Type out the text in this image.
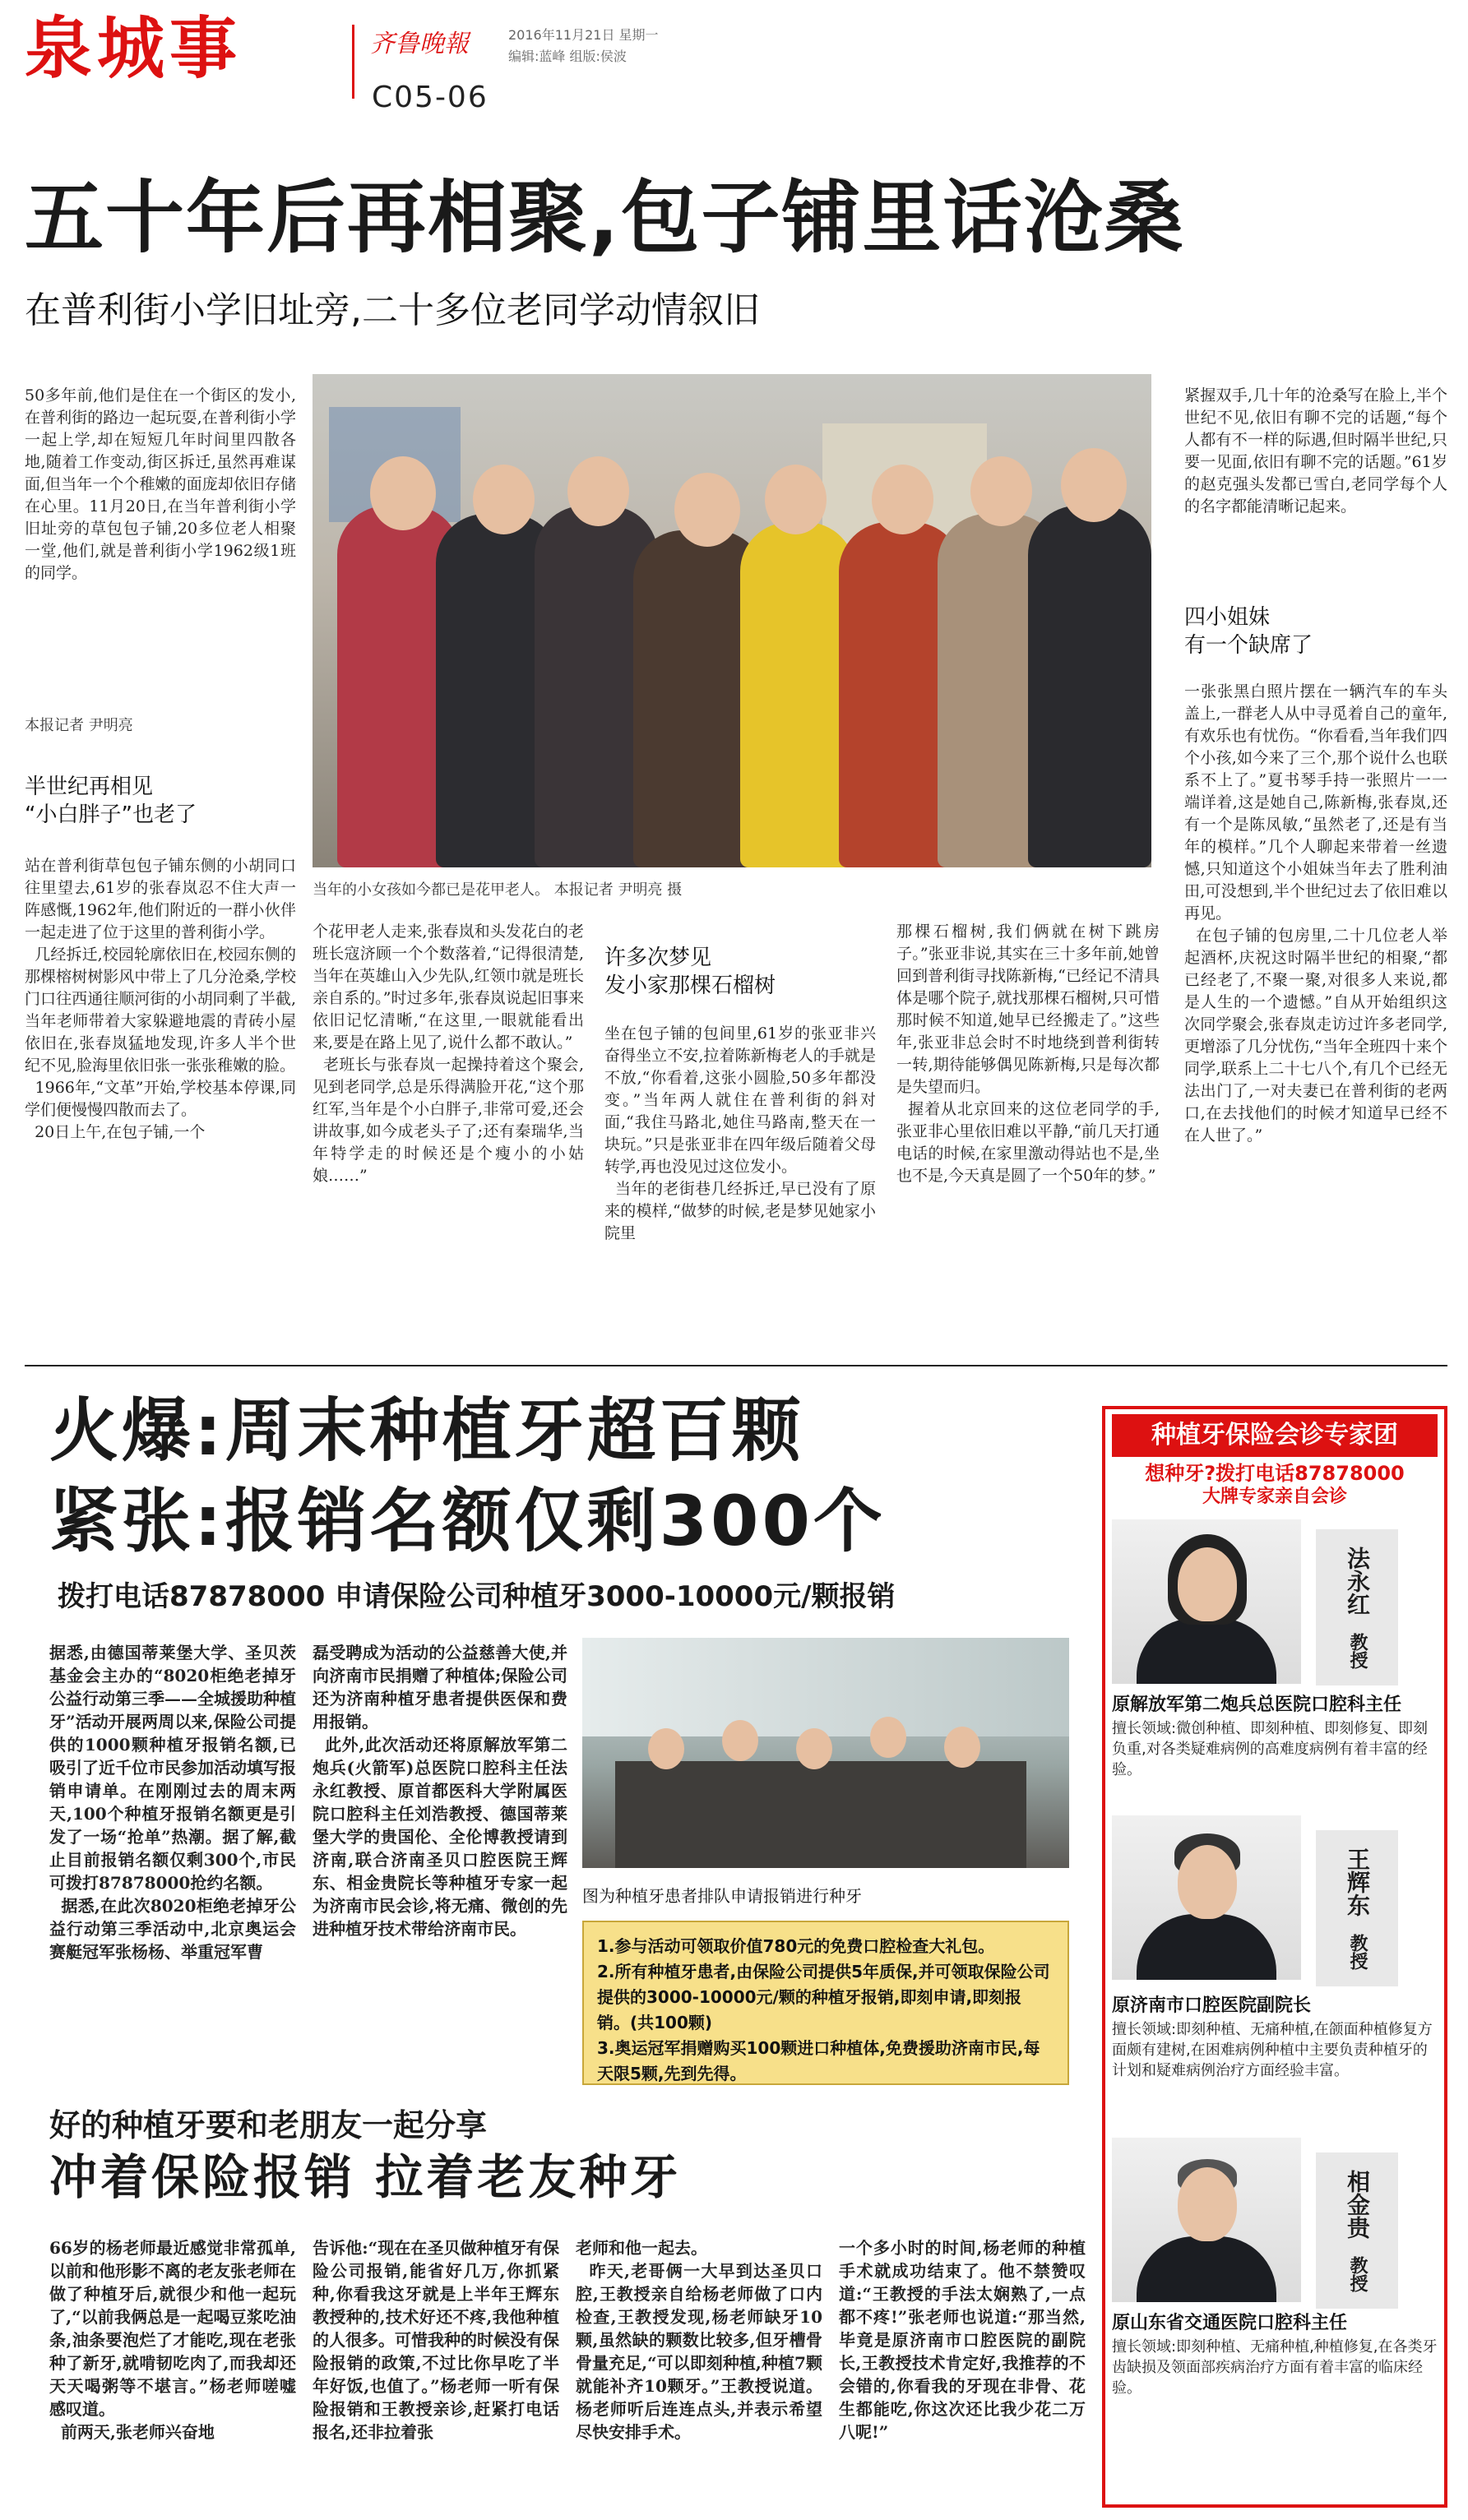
泉城事	齐鲁晚報	2016年11月21日 星期一
编辑:蓝峰 组版:侯波
C05-06
五十年后再相聚,包子铺里话沧桑
在普利街小学旧址旁,二十多位老同学动情叙旧
50多年前,他们是住在一个街区的发小,在普利街的路边一起玩耍,在普利街小学一起上学,却在短短几年时间里四散各地,随着工作变动,街区拆迁,虽然再难谋面,但当年一个个稚嫩的面庞却依旧存储在心里。11月20日,在当年普利街小学旧址旁的草包包子铺,20多位老人相聚一堂,他们,就是普利街小学1962级1班的同学。
本报记者 尹明亮
半世纪再相见
“小白胖子”也老了
站在普利街草包包子铺东侧的小胡同口往里望去,61岁的张春岚忍不住大声一阵感慨,1962年,他们附近的一群小伙伴一起走进了位于这里的普利街小学。
几经拆迁,校园轮廓依旧在,校园东侧的那棵榕树树影风中带上了几分沧桑,学校门口往西通往顺河街的小胡同剩了半截,当年老师带着大家躲避地震的青砖小屋依旧在,张春岚猛地发现,许多人半个世纪不见,脸海里依旧张一张张稚嫩的脸。
1966年,“文革”开始,学校基本停课,同学们便慢慢四散而去了。
20日上午,在包子铺,一个
个花甲老人走来,张春岚和头发花白的老班长寇济顾一个个数落着,“记得很清楚,当年在英雄山入少先队,红领巾就是班长亲自系的。”时过多年,张春岚说起旧事来依旧记忆清晰,“在这里,一眼就能看出来,要是在路上见了,说什么都不敢认。”
老班长与张春岚一起操持着这个聚会,见到老同学,总是乐得满脸开花,“这个那红军,当年是个小白胖子,非常可爱,还会讲故事,如今成老头子了;还有秦瑞华,当年特学走的时候还是个瘦小的小姑娘……”
许多次梦见
发小家那棵石榴树
坐在包子铺的包间里,61岁的张亚非兴奋得坐立不安,拉着陈新梅老人的手就是不放,“你看着,这张小圆脸,50多年都没变。”当年两人就住在普利街的斜对面,“我住马路北,她住马路南,整天在一块玩。”只是张亚非在四年级后随着父母转学,再也没见过这位发小。
当年的老街巷几经拆迁,早已没有了原来的模样,“做梦的时候,老是梦见她家小院里
那棵石榴树,我们俩就在树下跳房子。”张亚非说,其实在三十多年前,她曾回到普利街寻找陈新梅,“已经记不清具体是哪个院子,就找那棵石榴树,只可惜那时候不知道,她早已经搬走了。”这些年,张亚非总会时不时地绕到普利街转一转,期待能够偶见陈新梅,只是每次都是失望而归。
握着从北京回来的这位老同学的手,张亚非心里依旧难以平静,“前几天打通电话的时候,在家里激动得站也不是,坐也不是,今天真是圆了一个50年的梦。”
紧握双手,几十年的沧桑写在脸上,半个世纪不见,依旧有聊不完的话题,“每个人都有不一样的际遇,但时隔半世纪,只要一见面,依旧有聊不完的话题。”61岁的赵克强头发都已雪白,老同学每个人的名字都能清晰记起来。
四小姐妹
有一个缺席了
一张张黑白照片摆在一辆汽车的车头盖上,一群老人从中寻觅着自己的童年,有欢乐也有忧伤。“你看看,当年我们四个小孩,如今来了三个,那个说什么也联系不上了。”夏书琴手持一张照片一一端详着,这是她自己,陈新梅,张春岚,还有一个是陈凤敏,“虽然老了,还是有当年的模样。”几个人聊起来带着一丝遗憾,只知道这个小姐妹当年去了胜利油田,可没想到,半个世纪过去了依旧难以再见。
在包子铺的包房里,二十几位老人举起酒杯,庆祝这时隔半世纪的相聚,“都已经老了,不聚一聚,对很多人来说,都是人生的一个遗憾。”自从开始组织这次同学聚会,张春岚走访过许多老同学,更增添了几分忧伤,“当年全班四十来个同学,联系上二十七八个,有几个已经无法出门了,一对夫妻已在普利街的老两口,在去找他们的时候才知道早已经不在人世了。”
当年的小女孩如今都已是花甲老人。 本报记者 尹明亮 摄
火爆:周末种植牙超百颗
紧张:报销名额仅剩300个
拨打电话87878000 申请保险公司种植牙3000-10000元/颗报销
据悉,由德国蒂莱堡大学、圣贝茨基金会主办的“8020柜绝老掉牙公益行动第三季——全城援助种植牙”活动开展两周以来,保险公司提供的1000颗种植牙报销名额,已吸引了近千位市民参加活动填写报销申请单。在刚刚过去的周末两天,100个种植牙报销名额更是引发了一场“抢单”热潮。据了解,截止目前报销名额仅剩300个,市民可拨打87878000抢约名额。
据悉,在此次8020柜绝老掉牙公益行动第三季活动中,北京奥运会赛艇冠军张杨杨、举重冠军曹
磊受聘成为活动的公益慈善大使,并向济南市民捐赠了种植体;保险公司还为济南种植牙患者提供医保和费用报销。
此外,此次活动还将原解放军第二炮兵(火箭军)总医院口腔科主任法永红教授、原首都医科大学附属医院口腔科主任刘浩教授、德国蒂莱堡大学的贵国伦、全伦博教授请到济南,联合济南圣贝口腔医院王辉东、相金贵院长等种植牙专家一起为济南市民会诊,将无痛、微创的先进种植牙技术带给济南市民。
图为种植牙患者排队申请报销进行种牙
1.参与活动可领取价值780元的免费口腔检查大礼包。
2.所有种植牙患者,由保险公司提供5年质保,并可领取保险公司提供的3000-10000元/颗的种植牙报销,即刻申请,即刻报销。(共100颗)
3.奥运冠军捐赠购买100颗进口种植体,免费援助济南市民,每天限5颗,先到先得。
好的种植牙要和老朋友一起分享
冲着保险报销 拉着老友种牙
66岁的杨老师最近感觉非常孤单,以前和他形影不离的老友张老师在做了种植牙后,就很少和他一起玩了,“以前我俩总是一起喝豆浆吃油条,油条要泡烂了才能吃,现在老张种了新牙,就啃韧吃肉了,而我却还天天喝粥等不堪言。”杨老师嗟嘘感叹道。
前两天,张老师兴奋地
告诉他:“现在在圣贝做种植牙有保险公司报销,能省好几万,你抓紧种,你看我这牙就是上半年王辉东教授种的,技术好还不疼,我他种植的人很多。可惜我种的时候没有保险报销的政策,不过比你早吃了半年好饭,也值了。”杨老师一听有保险报销和王教授亲诊,赶紧打电话报名,还非拉着张
老师和他一起去。
昨天,老哥俩一大早到达圣贝口腔,王教授亲自给杨老师做了口内检查,王教授发现,杨老师缺牙10颗,虽然缺的颗数比较多,但牙槽骨骨量充足,“可以即刻种植,种植7颗就能补齐10颗牙。”王教授说道。杨老师听后连连点头,并表示希望尽快安排手术。
一个多小时的时间,杨老师的种植手术就成功结束了。他不禁赞叹道:“王教授的手法太娴熟了,一点都不疼!”张老师也说道:“那当然,毕竟是原济南市口腔医院的副院长,王教授技术肯定好,我推荐的不会错的,你看我的牙现在非骨、花生都能吃,你这次还比我少花二万八呢!”
种植牙保险会诊专家团
想种牙?拨打电话87878000
大牌专家亲自会诊
法永红
教授
原解放军第二炮兵总医院口腔科主任
擅长领域:微创种植、即刻种植、即刻修复、即刻负重,对各类疑难病例的高难度病例有着丰富的经验。
王辉东
教授
原济南市口腔医院副院长
擅长领域:即刻种植、无痛种植,在颌面种植修复方面颇有建树,在困难病例种植中主要负责种植牙的计划和疑难病例治疗方面经验丰富。
相金贵
教授
原山东省交通医院口腔科主任
擅长领域:即刻种植、无痛种植,种植修复,在各类牙齿缺损及领面部疾病治疗方面有着丰富的临床经验。
